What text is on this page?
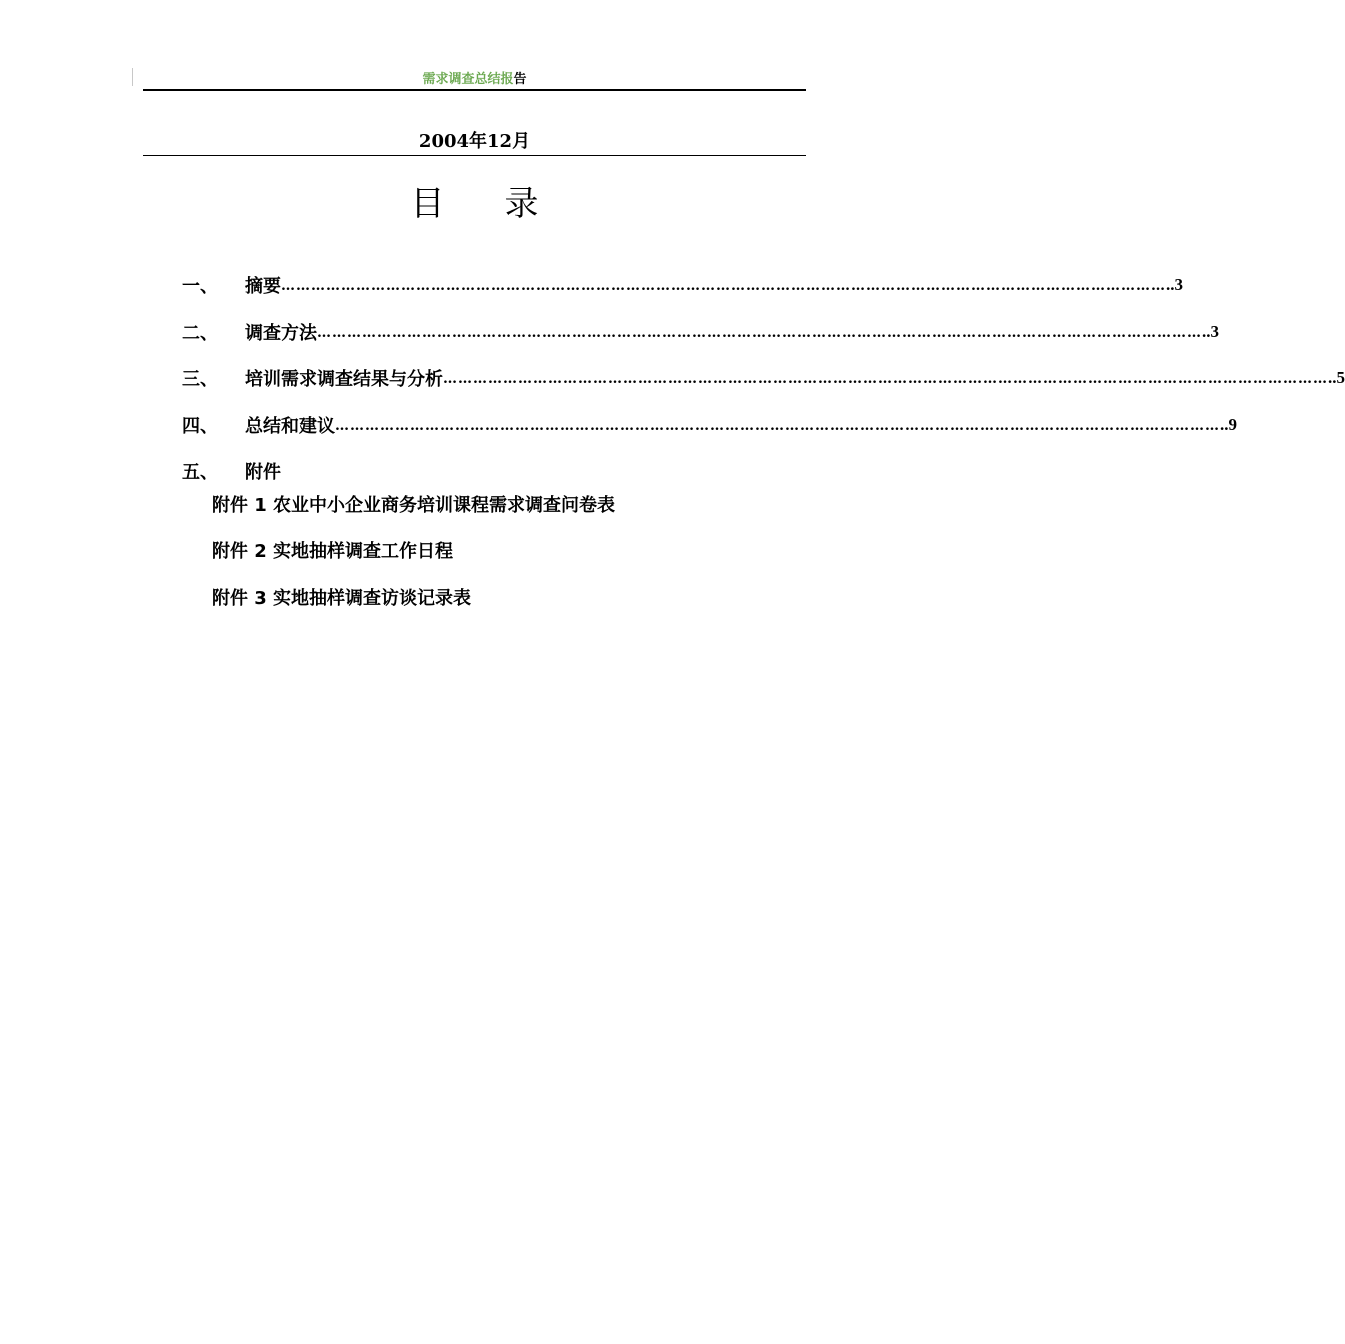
需求调查总结报告
2004年12月
目 录
一、	摘要 …………………………………………………………………………………………………………………………………………………………… ..3
二、	调查方法 …………………………………………………………………………………………………………………………………………………………… ..3
三、	培训需求调查结果与分析 …………………………………………………………………………………………………………………………………………………………… ..5
四、	总结和建议 …………………………………………………………………………………………………………………………………………………………… ..9
五、	附件
附件 1 农业中小企业商务培训课程需求调查问卷表
附件 2 实地抽样调查工作日程
附件 3 实地抽样调查访谈记录表
